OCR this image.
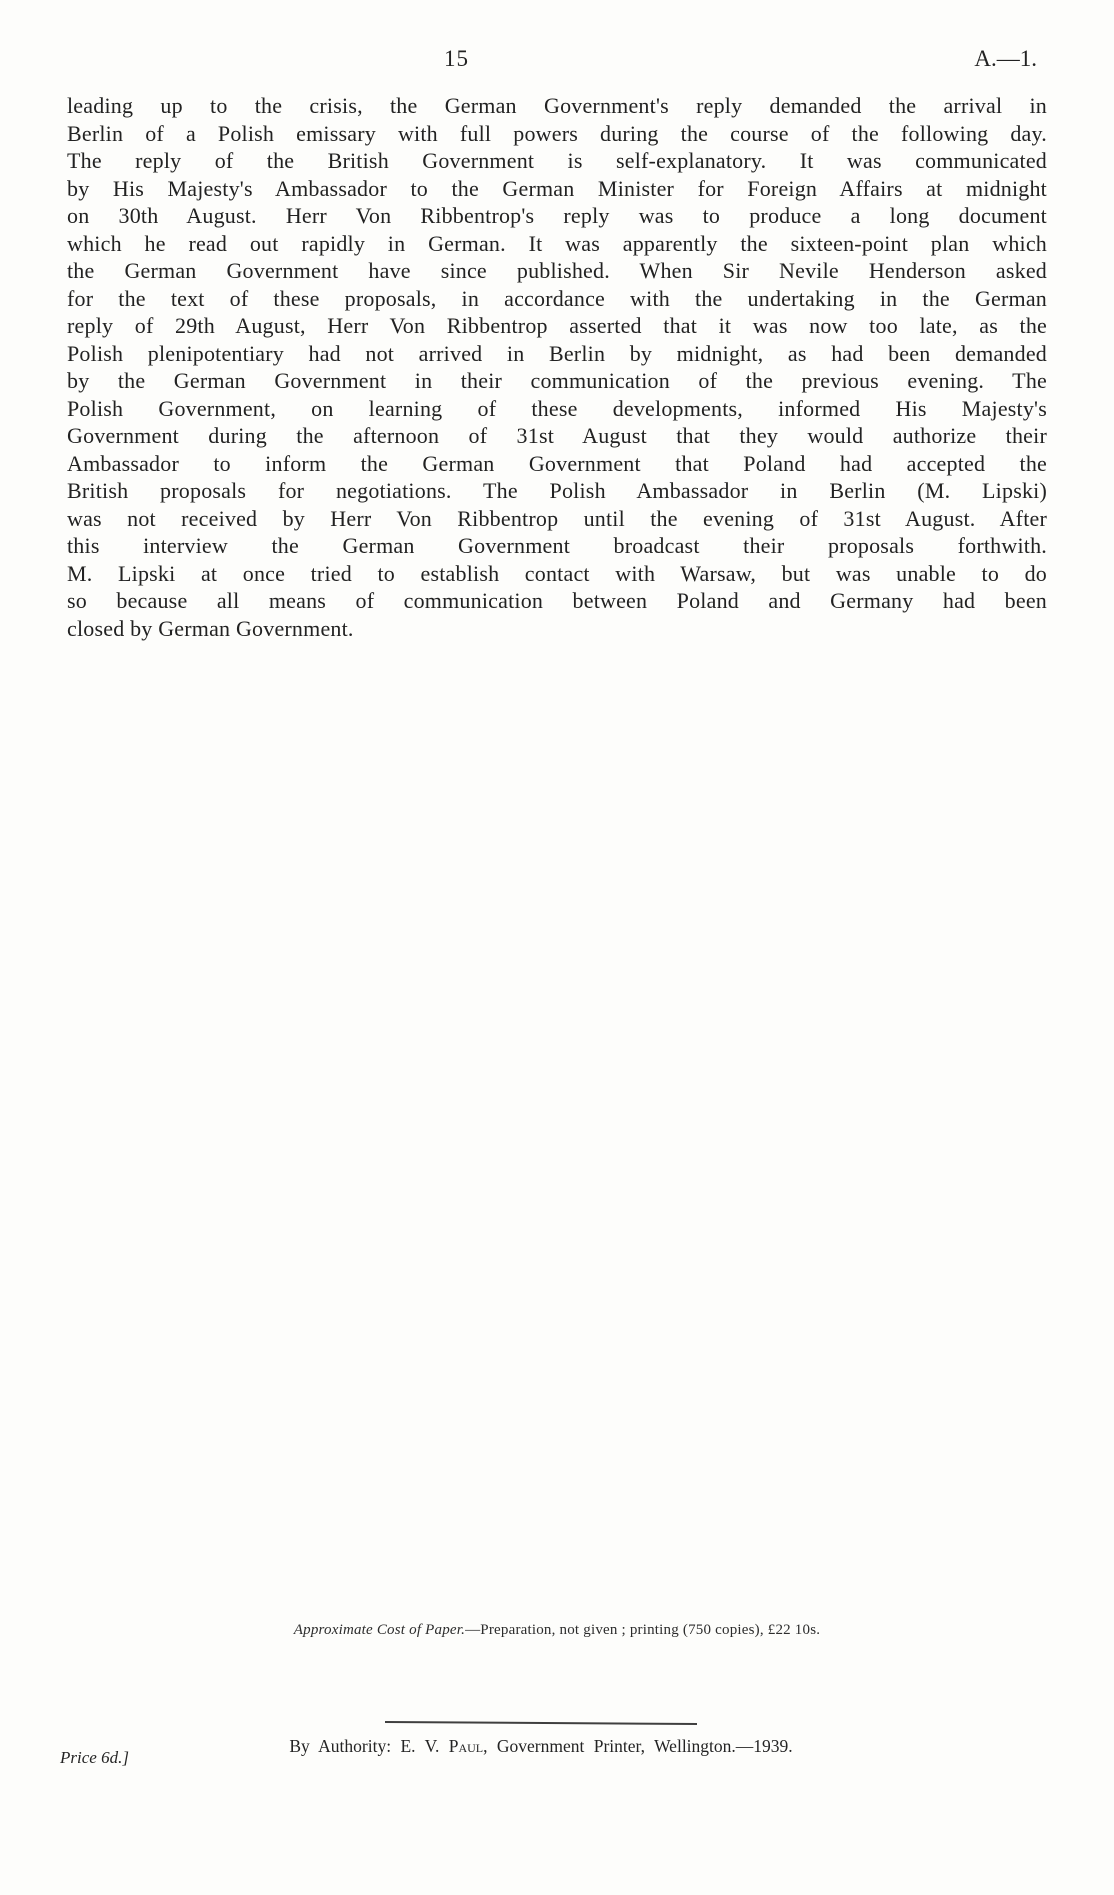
15	A.—1.
leading up to the crisis, the German Government's reply demanded the arrival in
Berlin of a Polish emissary with full powers during the course of the following day.
The reply of the British Government is self-explanatory. It was communicated
by His Majesty's Ambassador to the German Minister for Foreign Affairs at midnight
on 30th August. Herr Von Ribbentrop's reply was to produce a long document
which he read out rapidly in German. It was apparently the sixteen-point plan which
the German Government have since published. When Sir Nevile Henderson asked
for the text of these proposals, in accordance with the undertaking in the German
reply of 29th August, Herr Von Ribbentrop asserted that it was now too late, as the
Polish plenipotentiary had not arrived in Berlin by midnight, as had been demanded
by the German Government in their communication of the previous evening. The
Polish Government, on learning of these developments, informed His Majesty's
Government during the afternoon of 31st August that they would authorize their
Ambassador to inform the German Government that Poland had accepted the
British proposals for negotiations. The Polish Ambassador in Berlin (M. Lipski)
was not received by Herr Von Ribbentrop until the evening of 31st August. After
this interview the German Government broadcast their proposals forthwith.
M. Lipski at once tried to establish contact with Warsaw, but was unable to do
so because all means of communication between Poland and Germany had been
closed by German Government.
Approximate Cost of Paper.—Preparation, not given ; printing (750 copies), £22 10s.
By Authority: E. V. Paul, Government Printer, Wellington.—1939.
Price 6d.]
